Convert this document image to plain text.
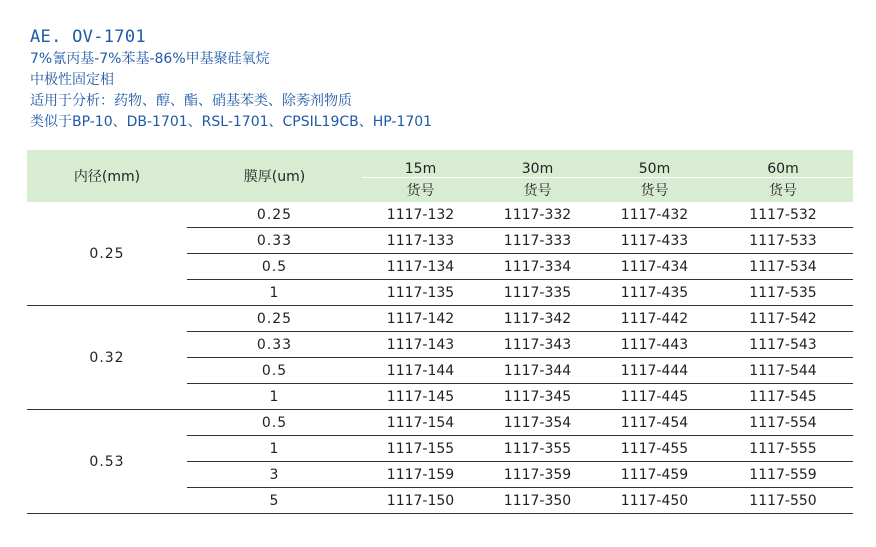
AE. OV-1701
7%氰丙基-7%苯基-86%甲基聚硅氧烷
中极性固定相
适用于分析：药物、醇、酯、硝基苯类、除莠剂物质
类似于BP-10、DB-1701、RSL-1701、CPSIL19CB、HP-1701
内径(mm)	膜厚(um)	15m	30m	50m	60m
		货号	货号	货号	货号
0.25	0.25	1117-132	1117-332	1117-432	1117-532
	0.33	1117-133	1117-333	1117-433	1117-533
	0.5	1117-134	1117-334	1117-434	1117-534
	1	1117-135	1117-335	1117-435	1117-535
0.32	0.25	1117-142	1117-342	1117-442	1117-542
	0.33	1117-143	1117-343	1117-443	1117-543
	0.5	1117-144	1117-344	1117-444	1117-544
	1	1117-145	1117-345	1117-445	1117-545
0.53	0.5	1117-154	1117-354	1117-454	1117-554
	1	1117-155	1117-355	1117-455	1117-555
	3	1117-159	1117-359	1117-459	1117-559
	5	1117-150	1117-350	1117-450	1117-550
